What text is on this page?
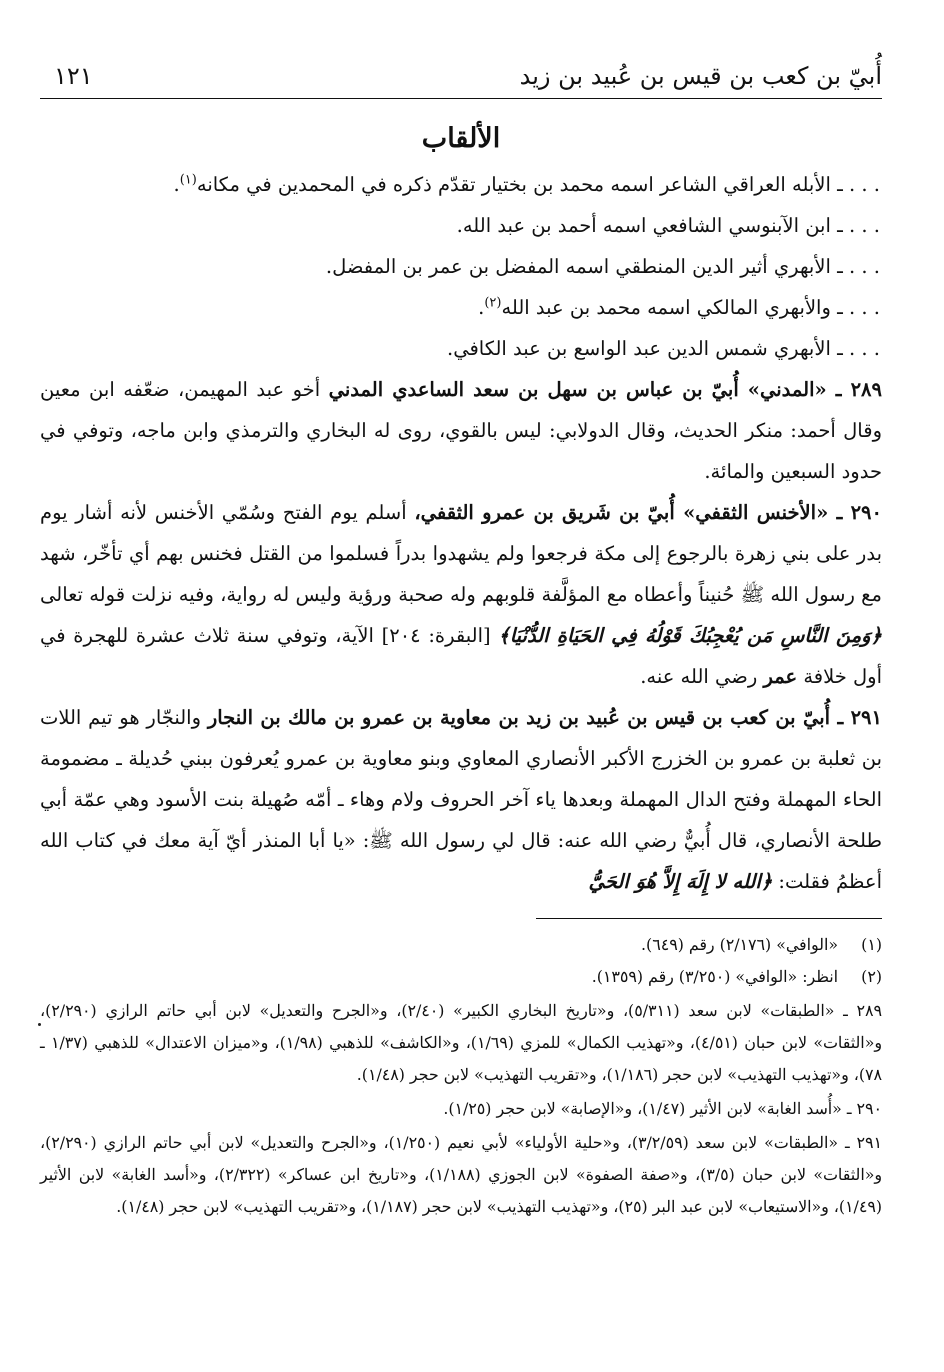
أُبيّ بن كعب بن قيس بن عُبيد بن زيد
١٢١
الألقاب

. . . ـ الأبله العراقي الشاعر اسمه محمد بن بختيار تقدّم ذكره في المحمدين في مكانه$^{(١)}$.

. . . ـ ابن الآبنوسي الشافعي اسمه أحمد بن عبد الله.

. . . ـ الأبهري أثير الدين المنطقي اسمه المفضل بن عمر بن المفضل.

. . . ـ والأبهري المالكي اسمه محمد بن عبد الله$^{(٢)}$.

. . . ـ الأبهري شمس الدين عبد الواسع بن عبد الكافي.

٢٨٩ ـ «المدني» أُبيّ بن عباس بن سهل بن سعد الساعدي المدني أخو عبد المهيمن، ضعّفه ابن معين وقال أحمد: منكر الحديث، وقال الدولابي: ليس بالقوي، روى له البخاري والترمذي وابن ماجه، وتوفي في حدود السبعين والمائة.

٢٩٠ ـ «الأخنس الثقفي» أُبيّ بن شَريق بن عمرو الثقفي، أسلم يوم الفتح وسُمّي الأخنس لأنه أشار يوم بدر على بني زهرة بالرجوع إلى مكة فرجعوا ولم يشهدوا بدراً فسلموا من القتل فخنس بهم أي تأخّر، شهد مع رسول الله ﷺ حُنيناً وأعطاه مع المؤلَّفة قلوبهم وله صحبة ورؤية وليس له رواية، وفيه نزلت قوله تعالى ﴿وَمِنَ النَّاسِ مَن يُعْجِبُكَ قَوْلُهُ فِي الحَيَاةِ الدُّنْيَا﴾ [البقرة: ٢٠٤] الآية، وتوفي سنة ثلاث عشرة للهجرة في أول خلافة عمر رضي الله عنه.

٢٩١ ـ أُبيّ بن كعب بن قيس بن عُبيد بن زيد بن معاوية بن عمرو بن مالك بن النجار والنجّار هو تيم اللات بن ثعلبة بن عمرو بن الخزرج الأكبر الأنصاري المعاوي وبنو معاوية بن عمرو يُعرفون ببني حُديلة ـ مضمومة الحاء المهملة وفتح الدال المهملة وبعدها ياء آخر الحروف ولام وهاء ـ أمّه صُهيلة بنت الأسود وهي عمّة أبي طلحة الأنصاري، قال أُبيٌّ رضي الله عنه: قال لي رسول الله ﷺ: «يا أبا المنذر أيّ آية معك في كتاب الله أعظمُ فقلت: ﴿الله لا إِلَهَ إِلاَّ هُوَ الحَيُّ

(١)«الوافي» (٢/١٧٦) رقم (٦٤٩).

(٢)انظر: «الوافي» (٣/٢٥٠) رقم (١٣٥٩).

٢٨٩ ـ «الطبقات» لابن سعد (٥/٣١١)، و«تاريخ البخاري الكبير» (٢/٤٠)، و«الجرح والتعديل» لابن أبي حاتم الرازي (٢/٢٩٠)، و«الثقات» لابن حبان (٤/٥١)، و«تهذيب الكمال» للمزي (١/٦٩)، و«الكاشف» للذهبي (١/٩٨)، و«ميزان الاعتدال» للذهبي (١/٣٧ ـ ٧٨)، و«تهذيب التهذيب» لابن حجر (١/١٨٦)، و«تقريب التهذيب» لابن حجر (١/٤٨).

٢٩٠ ـ «أُسد الغابة» لابن الأثير (١/٤٧)، و«الإصابة» لابن حجر (١/٢٥).

٢٩١ ـ «الطبقات» لابن سعد (٣/٢/٥٩)، و«حلية الأولياء» لأبي نعيم (١/٢٥٠)، و«الجرح والتعديل» لابن أبي حاتم الرازي (٢/٢٩٠)، و«الثقات» لابن حبان (٣/٥)، و«صفة الصفوة» لابن الجوزي (١/١٨٨)، و«تاريخ ابن عساكر» (٢/٣٢٢)، و«أسد الغابة» لابن الأثير (١/٤٩)، و«الاستيعاب» لابن عبد البر (٢٥)، و«تهذيب التهذيب» لابن حجر (١/١٨٧)، و«تقريب التهذيب» لابن حجر (١/٤٨).
